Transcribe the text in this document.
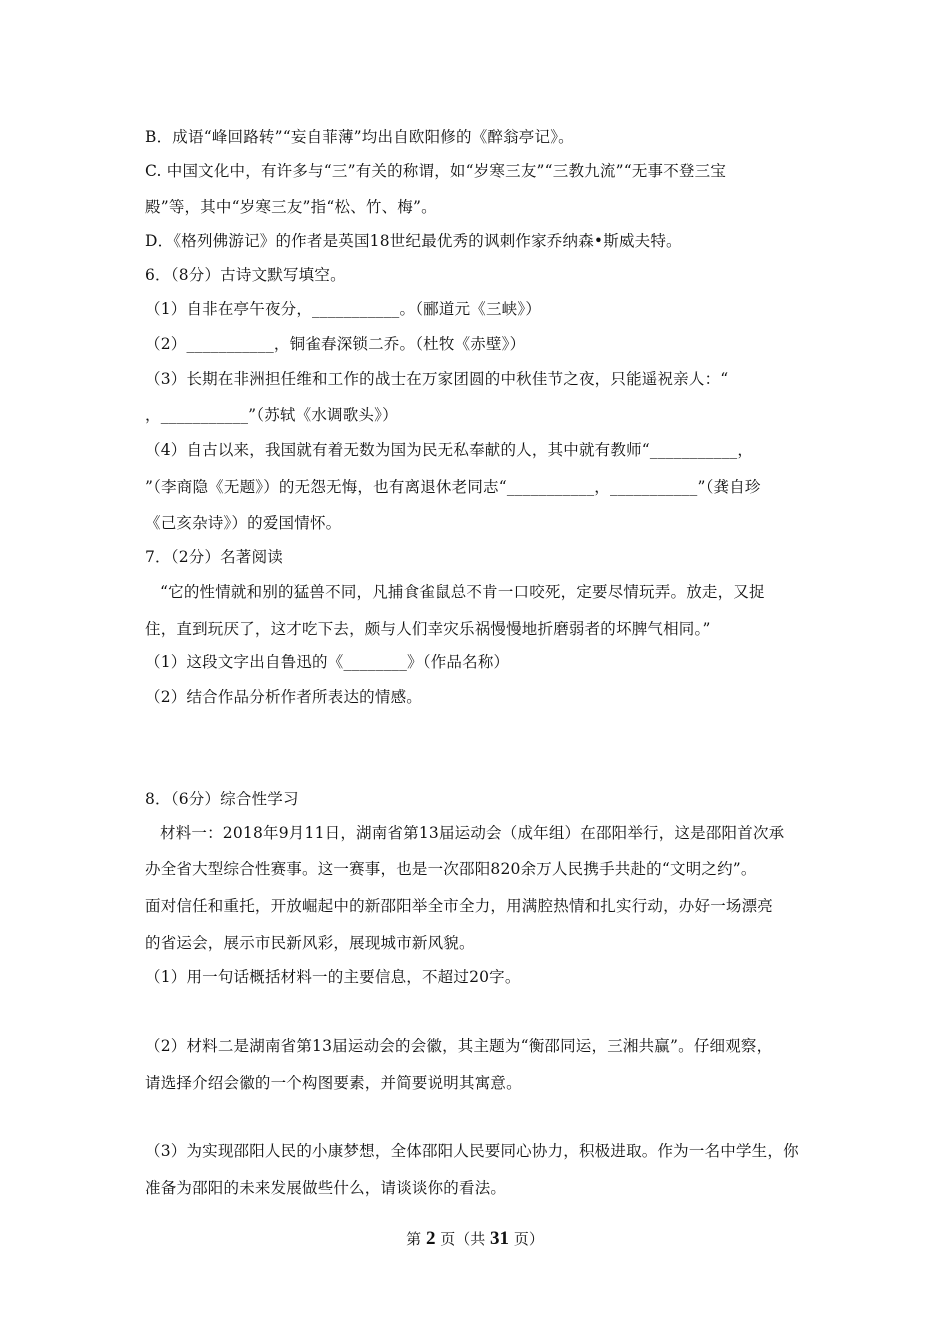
B．成语“峰回路转”“妄自菲薄”均出自欧阳修的《醉翁亭记》。
C. 中国文化中，有许多与“三”有关的称谓，如“岁寒三友”“三教九流”“无事不登三宝
殿”等，其中“岁寒三友”指“松、竹、梅”。
D．《格列佛游记》的作者是英国18世纪最优秀的讽刺作家乔纳森•斯威夫特。
6．（8分）古诗文默写填空。
（1）自非在亭午夜分，___________。（郦道元《三峡》）
（2）___________，铜雀春深锁二乔。（杜牧《赤壁》）
（3）长期在非洲担任维和工作的战士在万家团圆的中秋佳节之夜，只能遥祝亲人：“
，___________”（苏轼《水调歌头》）
（4）自古以来，我国就有着无数为国为民无私奉献的人，其中就有教师“___________，
”（李商隐《无题》）的无怨无悔，也有离退休老同志“___________，___________”（龚自珍
《己亥杂诗》）的爱国情怀。
7．（2分）名著阅读
“它的性情就和别的猛兽不同，凡捕食雀鼠总不肯一口咬死，定要尽情玩弄。放走，又捉
住，直到玩厌了，这才吃下去，颇与人们幸灾乐祸慢慢地折磨弱者的坏脾气相同。”
（1）这段文字出自鲁迅的《________》（作品名称）
（2）结合作品分析作者所表达的情感。
8．（6分）综合性学习
材料一：2018年9月11日，湖南省第13届运动会（成年组）在邵阳举行，这是邵阳首次承
办全省大型综合性赛事。这一赛事，也是一次邵阳820余万人民携手共赴的“文明之约”。
面对信任和重托，开放崛起中的新邵阳举全市全力，用满腔热情和扎实行动，办好一场漂亮
的省运会，展示市民新风彩，展现城市新风貌。
（1）用一句话概括材料一的主要信息，不超过20字。
（2）材料二是湖南省第13届运动会的会徽，其主题为“衡邵同运，三湘共赢”。仔细观察，
请选择介绍会徽的一个构图要素，并简要说明其寓意。
（3）为实现邵阳人民的小康梦想，全体邵阳人民要同心协力，积极进取。作为一名中学生，你
准备为邵阳的未来发展做些什么，请谈谈你的看法。
第 2 页（共 31 页）
